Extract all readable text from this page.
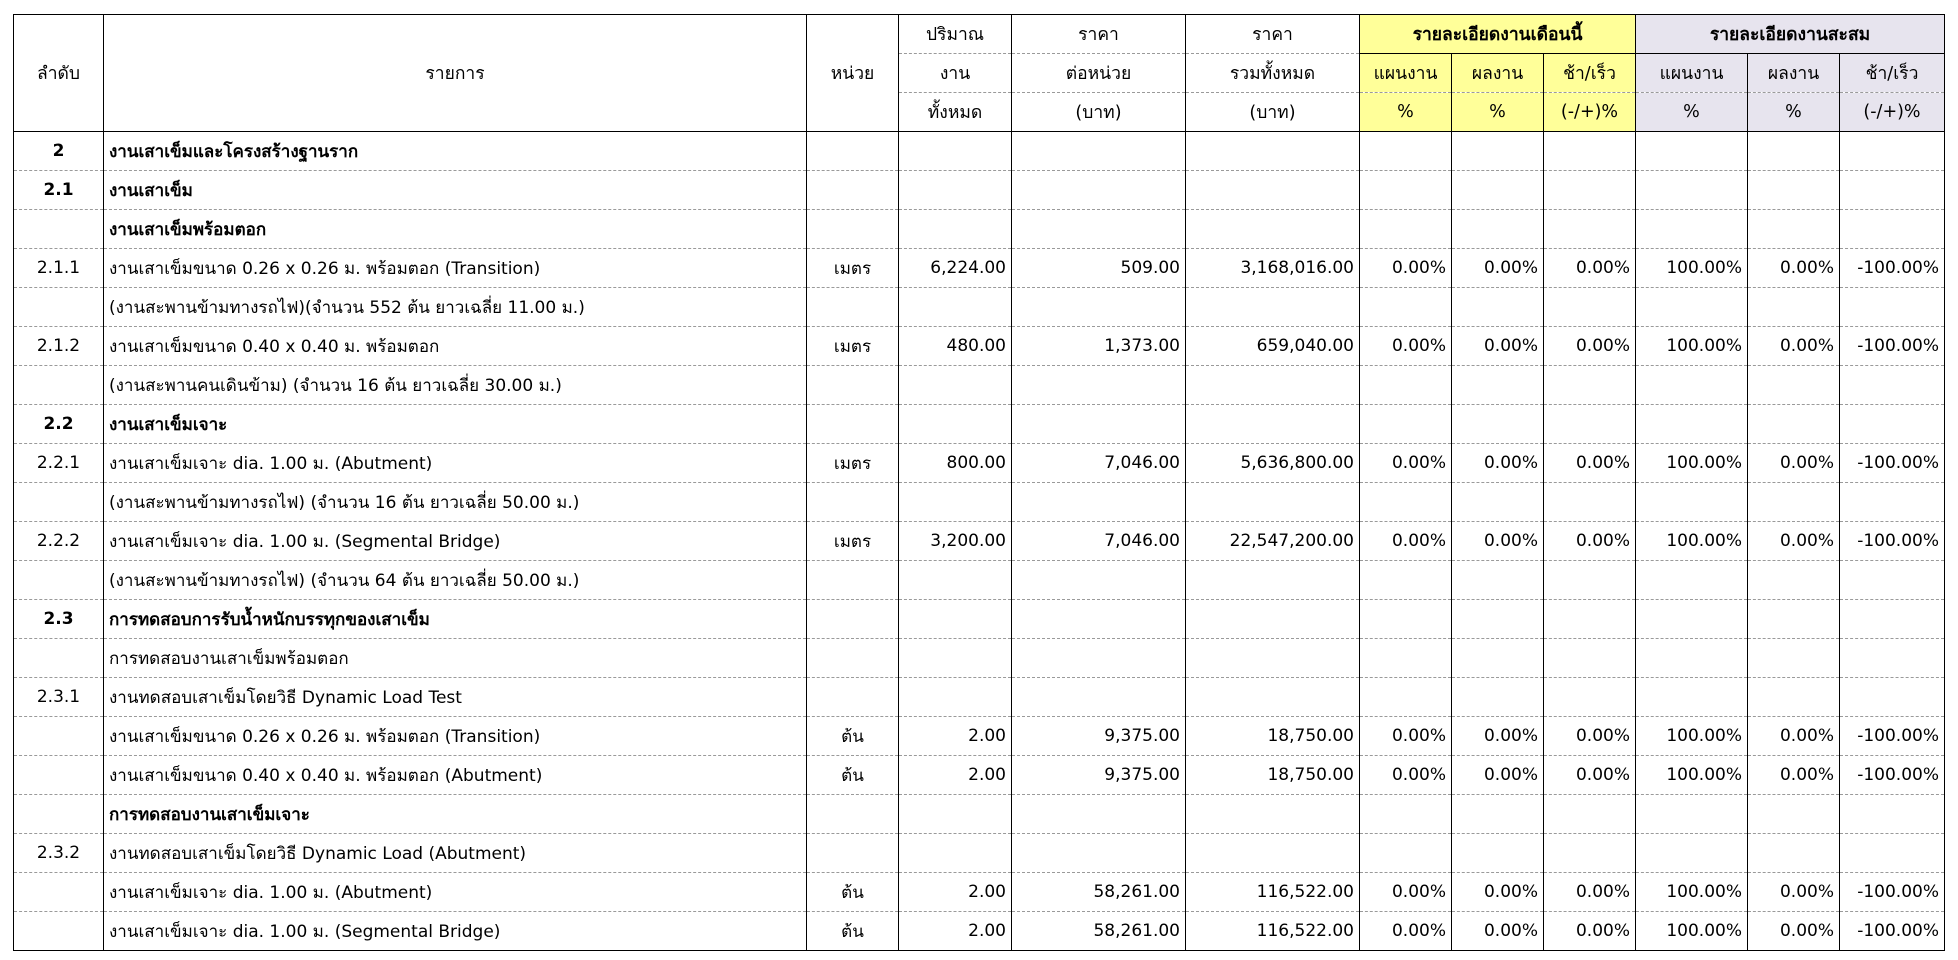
ลำดับ	รายการ	หน่วย	ปริมาณ	ราคา	ราคา	รายละเอียดงานเดือนนี้			รายละเอียดงานสะสม		
			งาน	ต่อหน่วย	รวมทั้งหมด	แผนงาน	ผลงาน	ช้า/เร็ว	แผนงาน	ผลงาน	ช้า/เร็ว
			ทั้งหมด	(บาท)	(บาท)	%	%	(-/+)%	%	%	(-/+)%
2	งานเสาเข็มและโครงสร้างฐานราก										
2.1	งานเสาเข็ม										
	งานเสาเข็มพร้อมตอก										
2.1.1	งานเสาเข็มขนาด 0.26 x 0.26 ม. พร้อมตอก (Transition)	เมตร	6,224.00	509.00	3,168,016.00	0.00%	0.00%	0.00%	100.00%	0.00%	-100.00%
	(งานสะพานข้ามทางรถไฟ)(จำนวน 552 ต้น ยาวเฉลี่ย 11.00 ม.)										
2.1.2	งานเสาเข็มขนาด 0.40 x 0.40 ม. พร้อมตอก	เมตร	480.00	1,373.00	659,040.00	0.00%	0.00%	0.00%	100.00%	0.00%	-100.00%
	(งานสะพานคนเดินข้าม) (จำนวน 16 ต้น ยาวเฉลี่ย 30.00 ม.)										
2.2	งานเสาเข็มเจาะ										
2.2.1	งานเสาเข็มเจาะ dia. 1.00 ม. (Abutment)	เมตร	800.00	7,046.00	5,636,800.00	0.00%	0.00%	0.00%	100.00%	0.00%	-100.00%
	(งานสะพานข้ามทางรถไฟ) (จำนวน 16 ต้น ยาวเฉลี่ย 50.00 ม.)										
2.2.2	งานเสาเข็มเจาะ dia. 1.00 ม. (Segmental Bridge)	เมตร	3,200.00	7,046.00	22,547,200.00	0.00%	0.00%	0.00%	100.00%	0.00%	-100.00%
	(งานสะพานข้ามทางรถไฟ) (จำนวน 64 ต้น ยาวเฉลี่ย 50.00 ม.)										
2.3	การทดสอบการรับน้ำหนักบรรทุกของเสาเข็ม										
	การทดสอบงานเสาเข็มพร้อมตอก										
2.3.1	งานทดสอบเสาเข็มโดยวิธี Dynamic Load Test										
	งานเสาเข็มขนาด 0.26 x 0.26 ม. พร้อมตอก (Transition)	ต้น	2.00	9,375.00	18,750.00	0.00%	0.00%	0.00%	100.00%	0.00%	-100.00%
	งานเสาเข็มขนาด 0.40 x 0.40 ม. พร้อมตอก (Abutment)	ต้น	2.00	9,375.00	18,750.00	0.00%	0.00%	0.00%	100.00%	0.00%	-100.00%
	การทดสอบงานเสาเข็มเจาะ										
2.3.2	งานทดสอบเสาเข็มโดยวิธี Dynamic Load (Abutment)										
	งานเสาเข็มเจาะ dia. 1.00 ม. (Abutment)	ต้น	2.00	58,261.00	116,522.00	0.00%	0.00%	0.00%	100.00%	0.00%	-100.00%
	งานเสาเข็มเจาะ dia. 1.00 ม. (Segmental Bridge)	ต้น	2.00	58,261.00	116,522.00	0.00%	0.00%	0.00%	100.00%	0.00%	-100.00%
